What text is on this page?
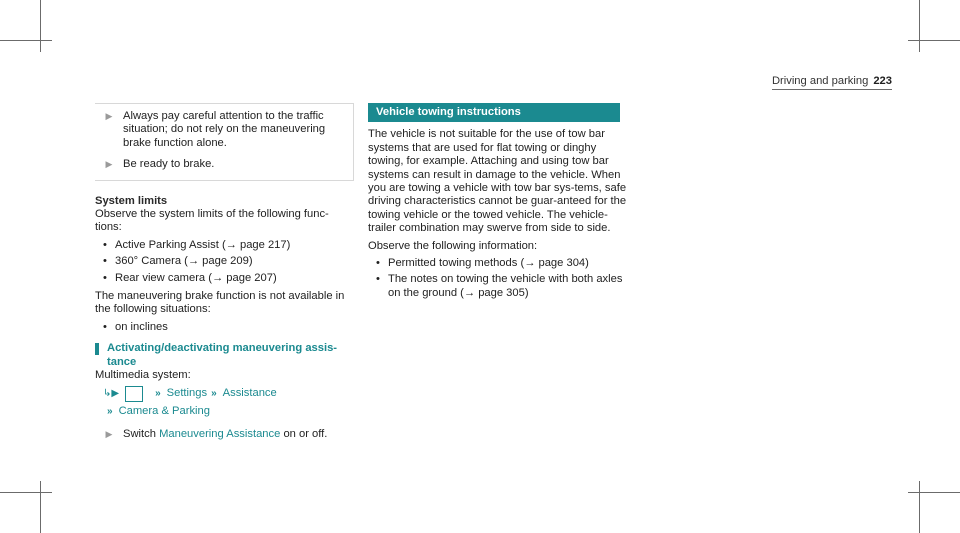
Driving and parking 223
▶ Always pay careful attention to the traffic situation; do not rely on the maneuvering brake function alone.
▶ Be ready to brake.
System limits

Observe the system limits of the following func-tions:

• Active Parking Assist (→ page 217)
• 360° Camera (→ page 209)
• Rear view camera (→ page 207)

The maneuvering brake function is not available in the following situations:

• on inclines
Activating/deactivating maneuvering assis-tance
Multimedia system:
↳▶	» Settings » Assistance
» Camera & Parking
▶ Switch Maneuvering Assistance on or off.
Vehicle towing instructions

The vehicle is not suitable for the use of tow bar systems that are used for flat towing or dinghy towing, for example. Attaching and using tow bar systems can result in damage to the vehicle. When you are towing a vehicle with tow bar sys-tems, safe driving characteristics cannot be guar-anteed for the towing vehicle or the towed vehicle. The vehicle-trailer combination may swerve from side to side.

Observe the following information:

• Permitted towing methods (→ page 304)
• The notes on towing the vehicle with both axles on the ground (→ page 305)
